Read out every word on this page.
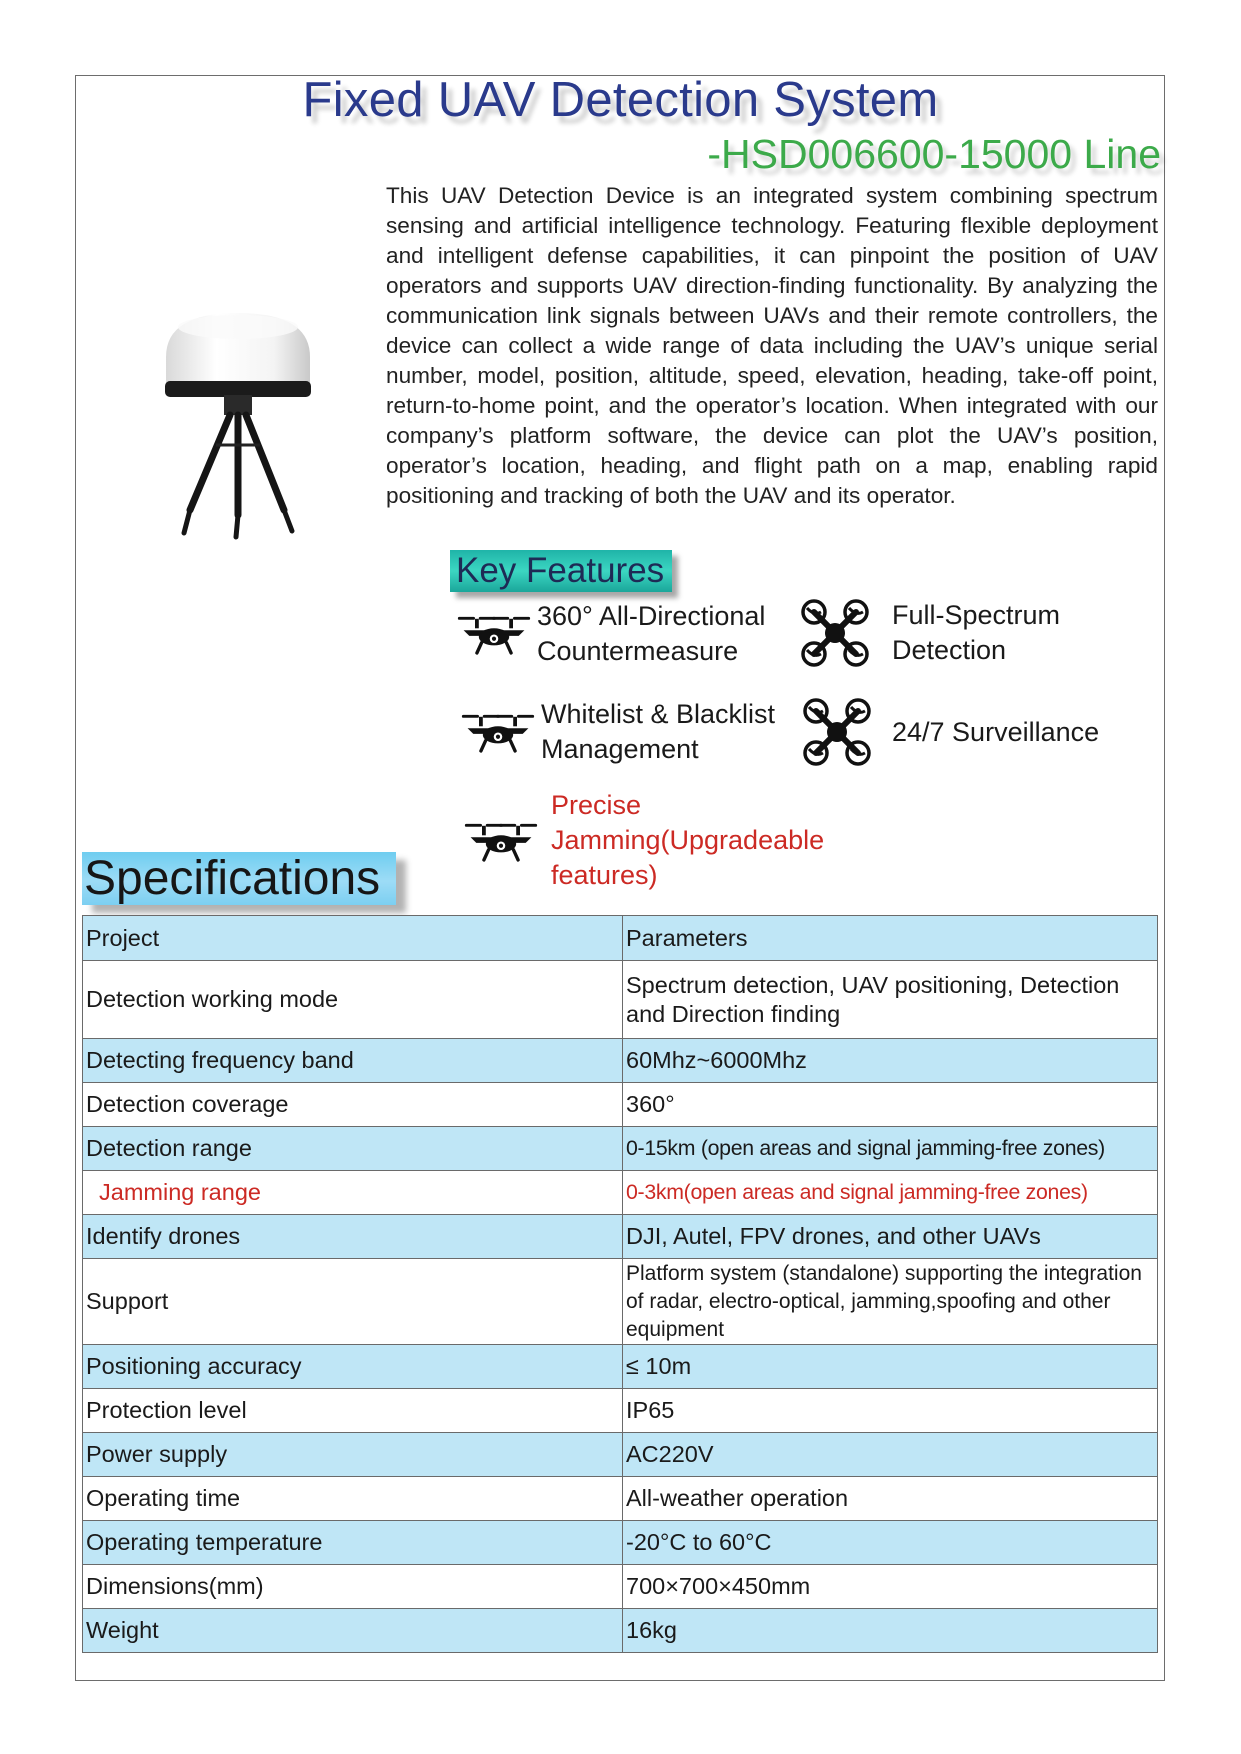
Fixed UAV Detection System
-HSD006600-15000 Line

This UAV Detection Device is an integrated system combining spectrum sensing and artificial intelligence technology. Featuring flexible deployment and intelligent defense capabilities, it can pinpoint the position of UAV operators and supports UAV direction-finding functionality. By analyzing the communication link signals between UAVs and their remote controllers, the device can collect a wide range of data including the UAV’s unique serial number, model, position, altitude, speed, elevation, heading, take-off point, return-to-home point, and the operator’s location. When integrated with our company’s platform software, the device can plot the UAV’s position, operator’s location, heading, and flight path on a map, enabling rapid positioning and tracking of both the UAV and its operator.

Key Features
360° All-Directional
Countermeasure
Full-Spectrum
Detection
Whitelist & Blacklist
Management
24/7 Surveillance
Precise
Jamming(Upgradeable
features)
Specifications
Project	Parameters
Detection working mode	Spectrum detection, UAV positioning, Detection and Direction finding
Detecting frequency band	60Mhz~6000Mhz
Detection coverage	360°
Detection range	0-15km (open areas and signal jamming-free zones)
Jamming range	0-3km(open areas and signal jamming-free zones)
Identify drones	DJI, Autel, FPV drones, and other UAVs
Support	Platform system (standalone) supporting the integration of radar, electro-optical, jamming,spoofing and other equipment
Positioning accuracy	≤ 10m
Protection level	IP65
Power supply	AC220V
Operating time	All-weather operation
Operating temperature	-20°C to 60°C
Dimensions(mm)	700×700×450mm
Weight	16kg
